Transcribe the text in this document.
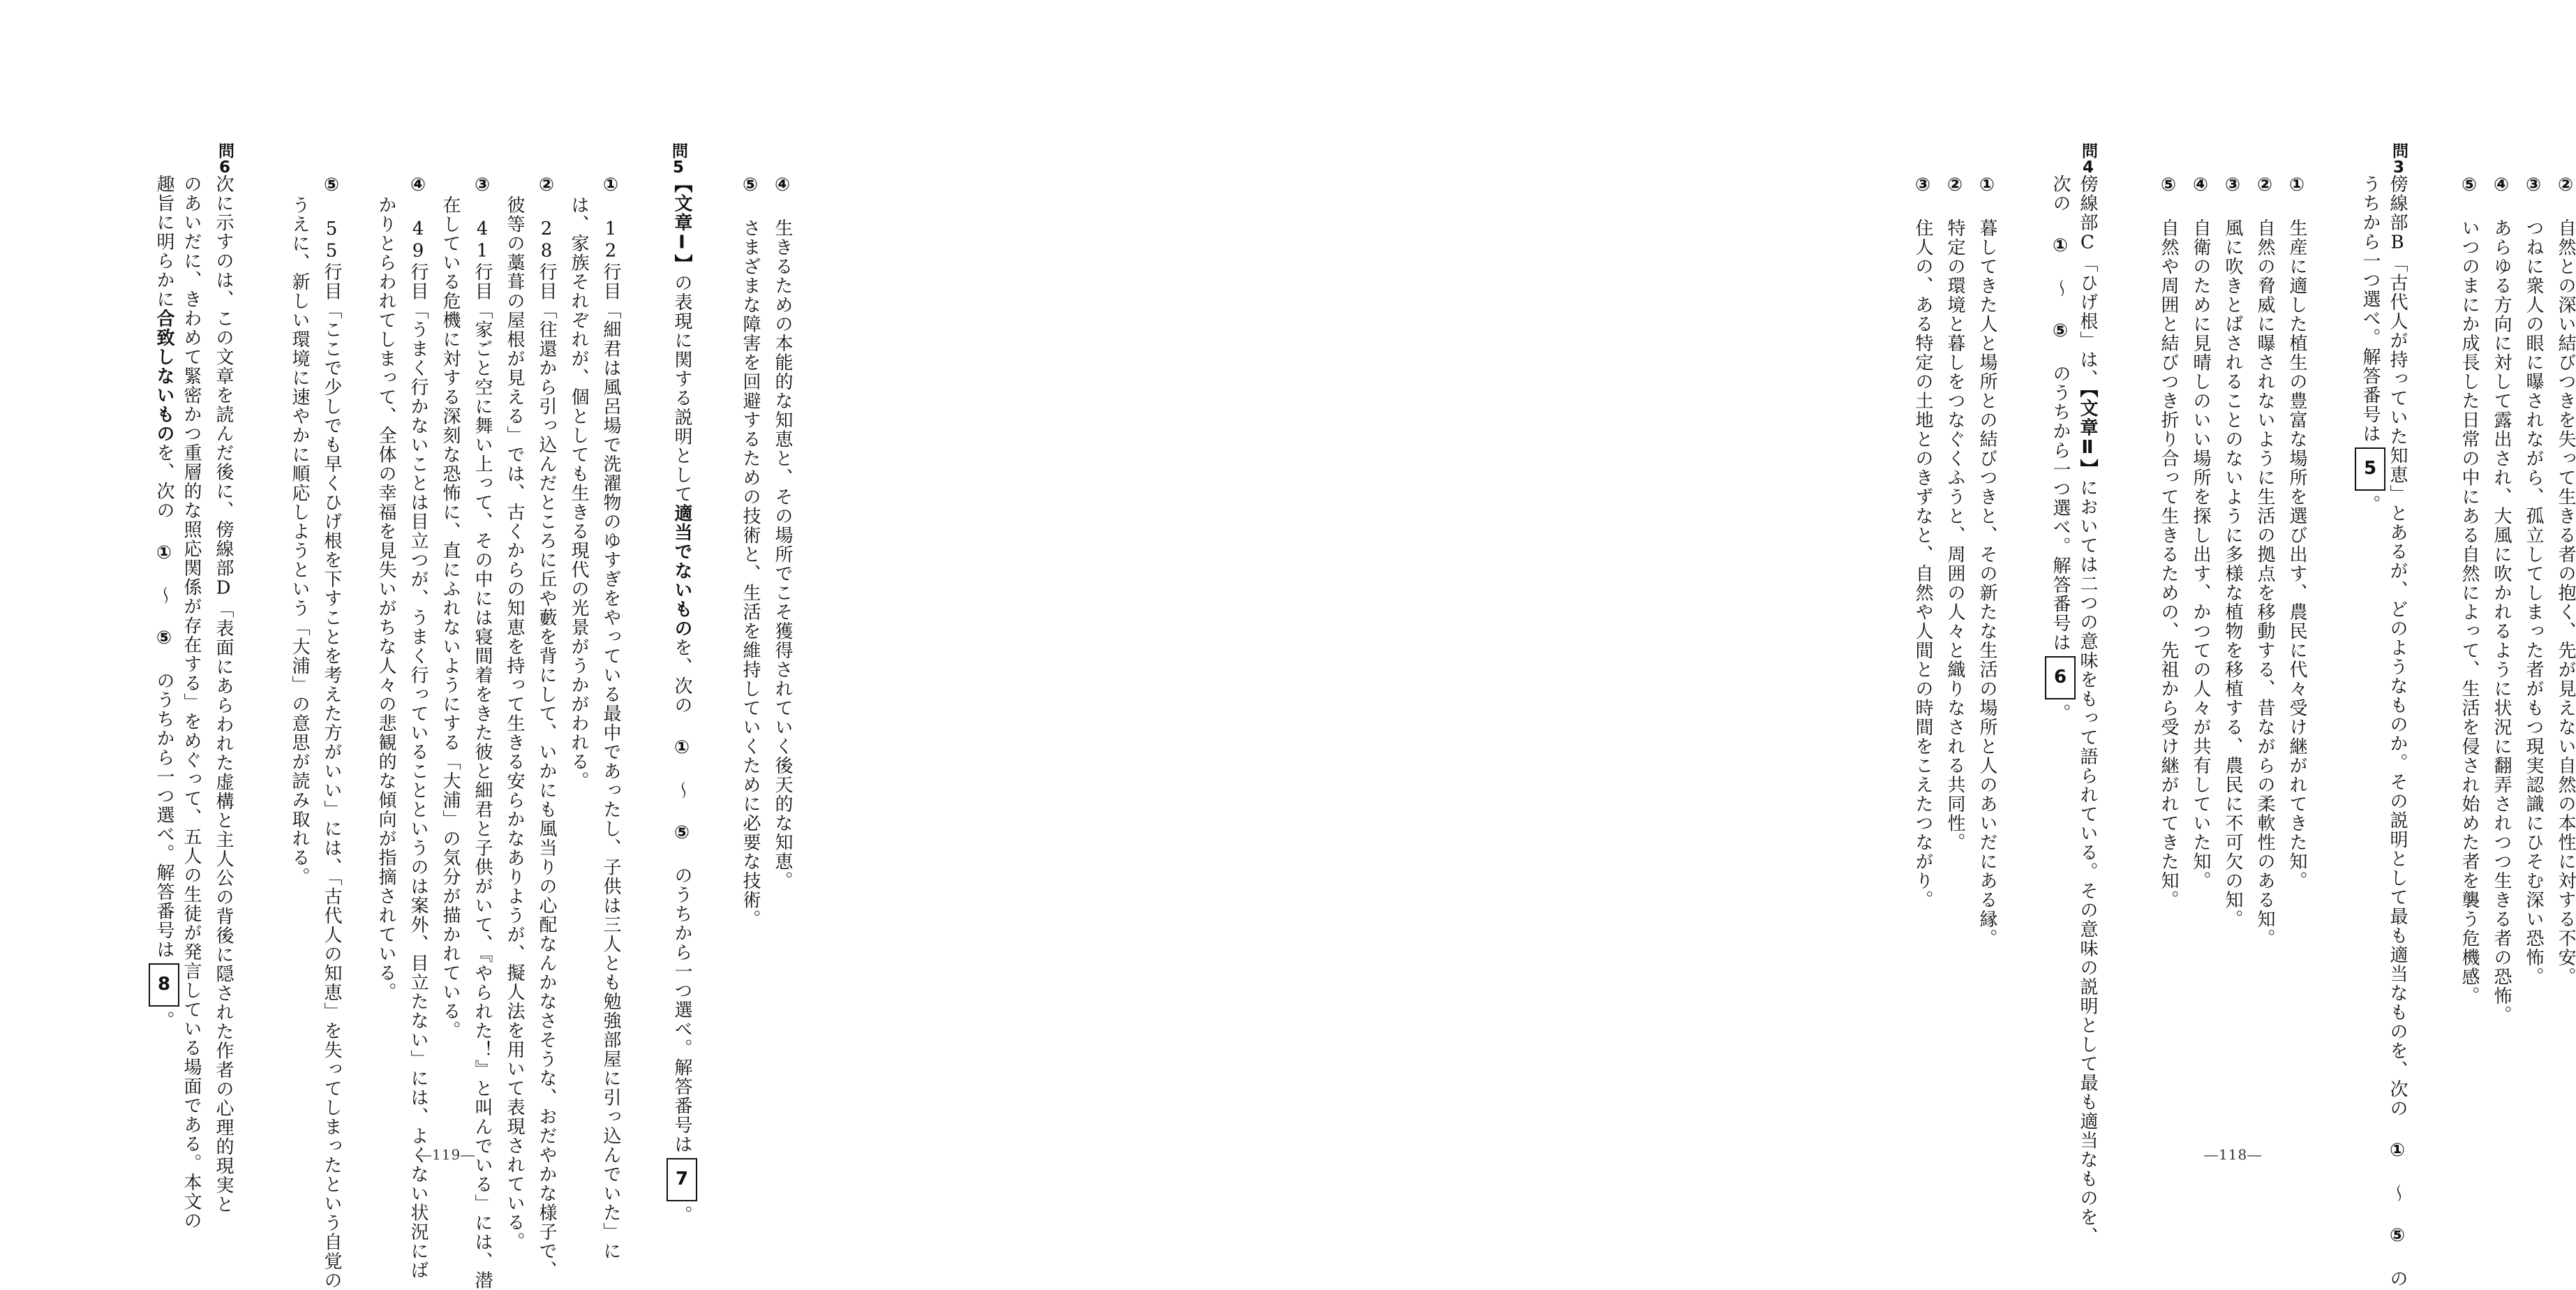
② 自然との深い結びつきを失って生きる者の抱く、先が見えない自然の本性に対する不安。
③ つねに衆人の眼に曝されながら、孤立してしまった者がもつ現実認識にひそむ深い恐怖。
④ あらゆる方向に対して露出され、大風に吹かれるように状況に翻弄されつつ生きる者の恐怖。
⑤ いつのまにか成長した日常の中にある自然によって、生活を侵され始めた者を襲う危機感。
問3
傍線部B「古代人が持っていた知恵」とあるが、どのようなものか。その説明として最も適当なものを、次の ① ～ ⑤ の
うちから一つ選べ。解答番号は5。
① 生産に適した植生の豊富な場所を選び出す、農民に代々受け継がれてきた知。
② 自然の脅威に曝されないように生活の拠点を移動する、昔ながらの柔軟性のある知。
③ 風に吹きとばされることのないように多様な植物を移植する、農民に不可欠の知。
④ 自衛のために見晴しのいい場所を探し出す、かつての人々が共有していた知。
⑤ 自然や周囲と結びつき折り合って生きるための、先祖から受け継がれてきた知。
問4
傍線部C「ひげ根」は、【文章Ⅱ】においては二つの意味をもって語られている。その意味の説明として最も適当なものを、
次の ① ～ ⑤ のうちから一つ選べ。解答番号は6。
① 暮してきた人と場所との結びつきと、その新たな生活の場所と人のあいだにある縁。
② 特定の環境と暮しをつなぐくふうと、周囲の人々と織りなされる共同性。
③ 住人の、ある特定の土地とのきずなと、自然や人間との時間をこえたつながり。
―118―
④ 生きるための本能的な知恵と、その場所でこそ獲得されていく後天的な知恵。
⑤ さまざまな障害を回避するための技術と、生活を維持していくために必要な技術。
問5
【文章Ⅰ】の表現に関する説明として適当でないものを、次の ① ～ ⑤ のうちから一つ選べ。解答番号は7。
① 12行目「細君は風呂場で洗濯物のゆすぎをやっている最中であったし、子供は三人とも勉強部屋に引っ込んでいた」に
は、家族それぞれが、個としても生きる現代の光景がうかがわれる。
② 28行目「往還から引っ込んだところに丘や藪を背にして、いかにも風当りの心配なんかなさそうな、おだやかな様子で、
彼等の藁葺の屋根が見える」では、古くからの知恵を持って生きる安らかなありようが、擬人法を用いて表現されている。
③ 41行目「家ごと空に舞い上って、その中には寝間着をきた彼と細君と子供がいて、『やられた！』と叫んでいる」には、潜
在している危機に対する深刻な恐怖に、直にふれないようにする「大浦」の気分が描かれている。
④ 49行目「うまく行かないことは目立つが、うまく行っていることというのは案外、目立たない」には、よくない状況にば
かりとらわれてしまって、全体の幸福を見失いがちな人々の悲観的な傾向が指摘されている。
⑤ 55行目「ここで少しでも早くひげ根を下すことを考えた方がいい」には、「古代人の知恵」を失ってしまったという自覚の
うえに、新しい環境に速やかに順応しようという「大浦」の意思が読み取れる。
問6
次に示すのは、この文章を読んだ後に、傍線部D「表面にあらわれた虚構と主人公の背後に隠された作者の心理的現実と
のあいだに、きわめて緊密かつ重層的な照応関係が存在する」をめぐって、五人の生徒が発言している場面である。本文の
趣旨に明らかに合致しないものを、次の ① ～ ⑤ のうちから一つ選べ。解答番号は8。
―119―
